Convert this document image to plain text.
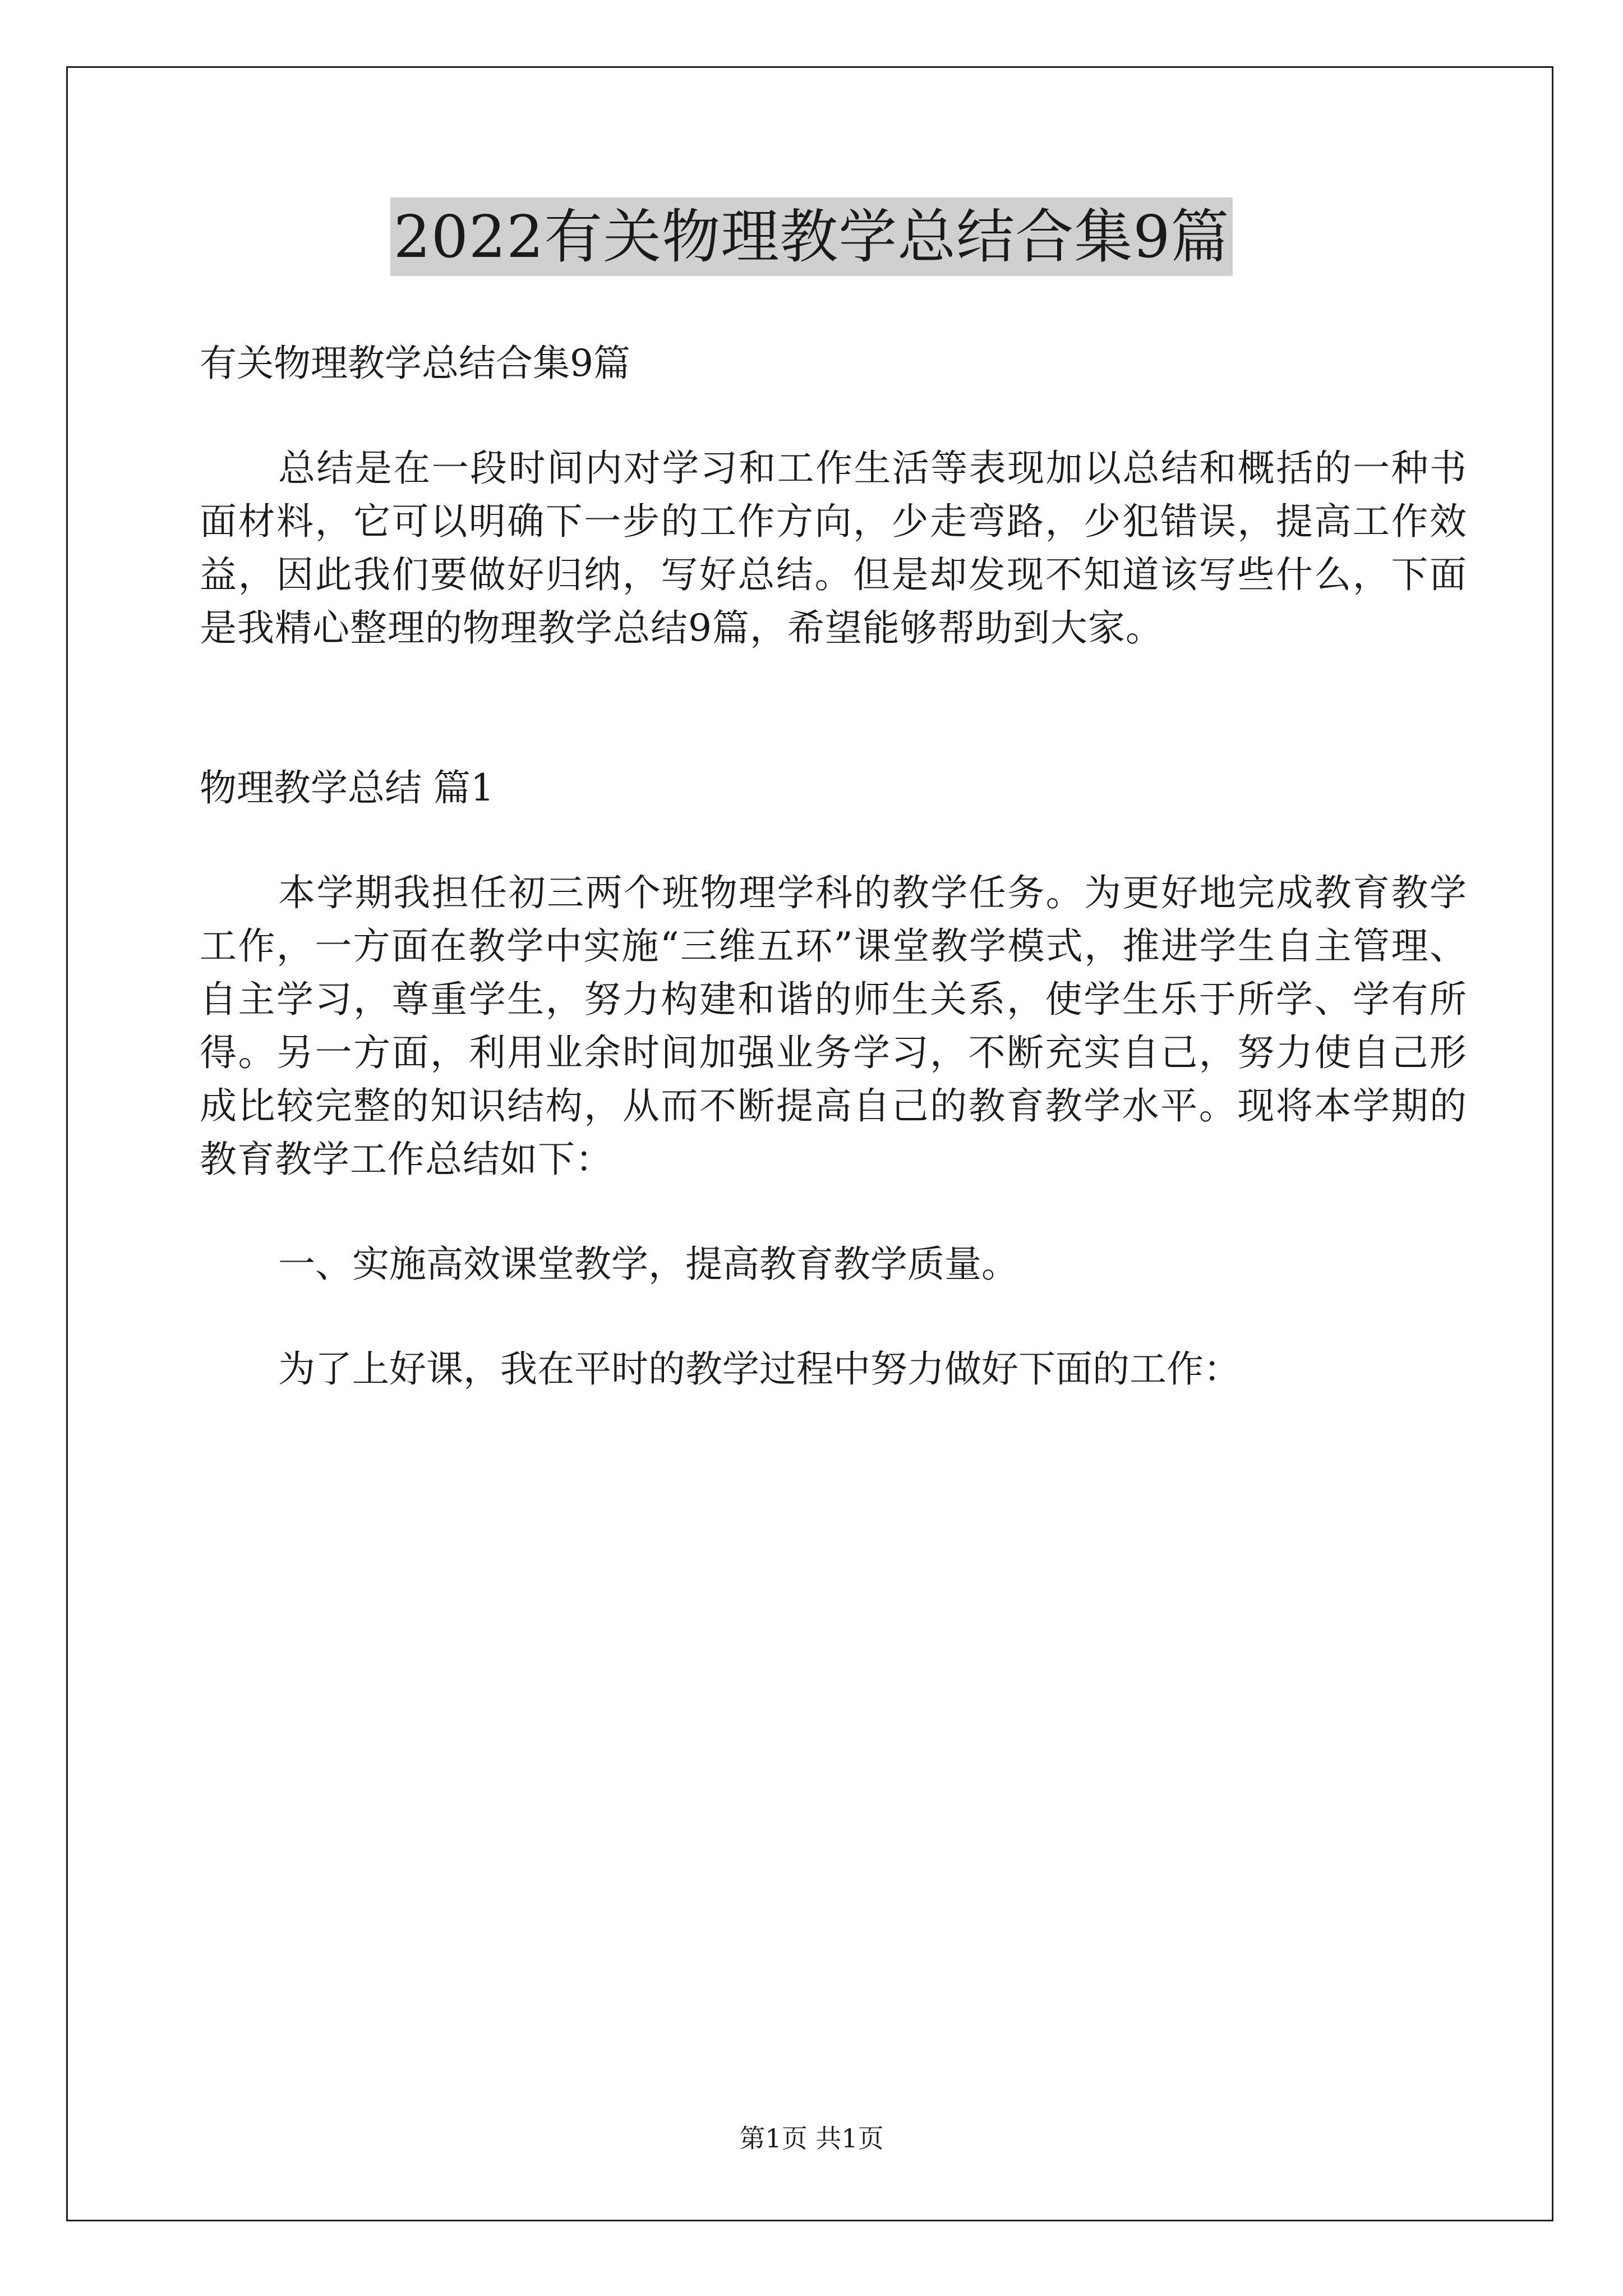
2022有关物理教学总结合集9篇

有关物理教学总结合集9篇

总结是在一段时间内对学习和工作生活等表现加以总结和概括的一种书面材料，它可以明确下一步的工作方向，少走弯路，少犯错误，提高工作效益，因此我们要做好归纳，写好总结。但是却发现不知道该写些什么，下面是我精心整理的物理教学总结9篇，希望能够帮助到大家。

物理教学总结 篇1

本学期我担任初三两个班物理学科的教学任务。为更好地完成教育教学工作，一方面在教学中实施“三维五环”课堂教学模式，推进学生自主管理、自主学习，尊重学生，努力构建和谐的师生关系，使学生乐于所学、学有所得。另一方面，利用业余时间加强业务学习，不断充实自己，努力使自己形成比较完整的知识结构，从而不断提高自己的教育教学水平。现将本学期的教育教学工作总结如下：

一、实施高效课堂教学，提高教育教学质量。

为了上好课，我在平时的教学过程中努力做好下面的工作：

第1页 共1页
